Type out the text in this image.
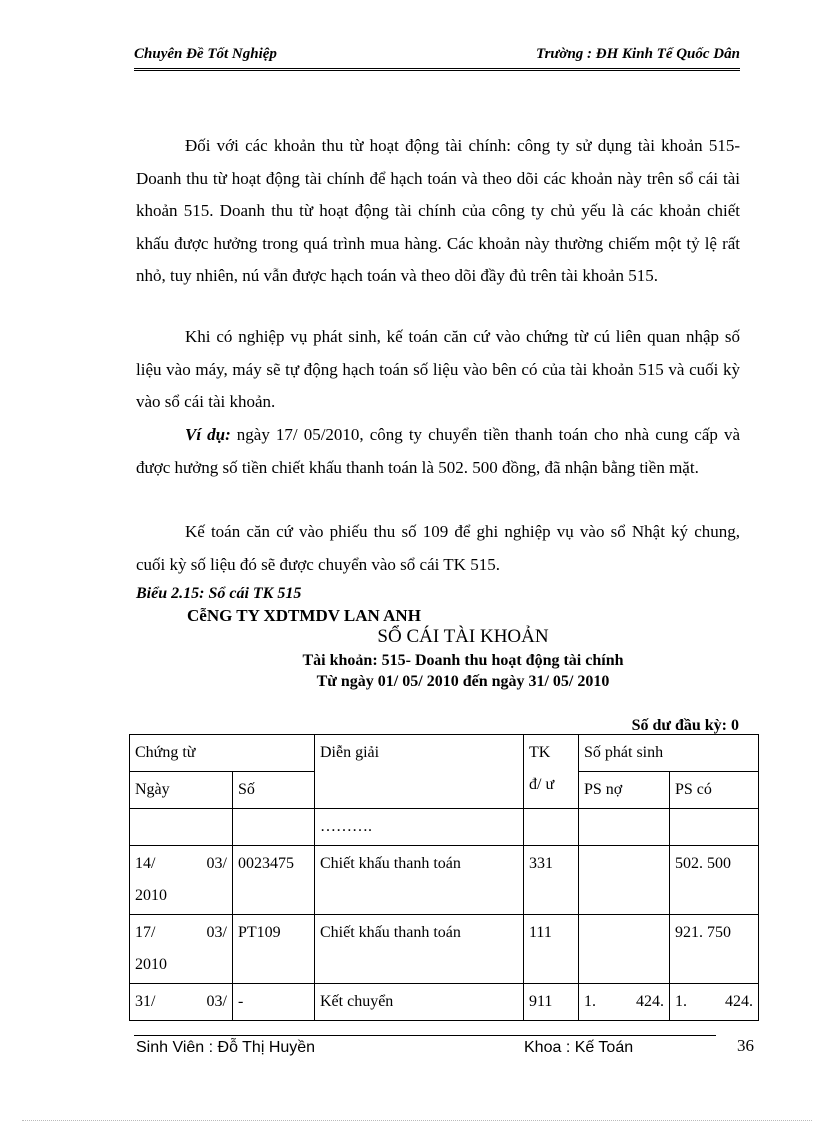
Chuyên Đề Tốt Nghiệp	Trường : ĐH Kinh Tế Quốc Dân

Đối với các khoản thu từ hoạt động tài chính: công ty sử dụng tài khoản 515- Doanh thu từ hoạt động tài chính để hạch toán và theo dõi các khoản này trên sổ cái tài khoản 515. Doanh thu từ hoạt động tài chính của công ty chủ yếu là các khoản chiết khấu được hưởng trong quá trình mua hàng. Các khoản này thường chiếm một tỷ lệ rất nhỏ, tuy nhiên, nú vẫn được hạch toán và theo dõi đầy đủ trên tài khoản 515.

Khi có nghiệp vụ phát sinh, kế toán căn cứ vào chứng từ cú liên quan nhập số liệu vào máy, máy sẽ tự động hạch toán số liệu vào bên có của tài khoản 515 và cuối kỳ vào sổ cái tài khoản.

Ví dụ: ngày 17/ 05/2010, công ty chuyển tiền thanh toán cho nhà cung cấp và được hưởng số tiền chiết khấu thanh toán là 502. 500 đồng, đã nhận bằng tiền mặt.

Kế toán căn cứ vào phiếu thu số 109 để ghi nghiệp vụ vào sổ Nhật ký chung, cuối kỳ số liệu đó sẽ được chuyển vào sổ cái TK 515.

Biểu 2.15: Sổ cái TK 515
CễNG TY XDTMDV LAN ANH
SỔ CÁI TÀI KHOẢN
Tài khoản: 515- Doanh thu hoạt động tài chính
Từ ngày 01/ 05/ 2010 đến ngày 31/ 05/ 2010
Số dư đầu kỳ: 0
Chứng từ		Diễn giải	TK
đ/ ư	Số phát sinh	
Ngày	Số			PS nợ	PS có
		……….			

14/ 03/
2010	0023475	Chiết khấu thanh toán	331		502. 500

17/ 03/
2010	PT109	Chiết khấu thanh toán	111		921. 750

31/ 03/	-	Kết chuyển	911	1. 424.	1. 424.
Sinh Viên : Đỗ Thị Huyền	Khoa : Kế Toán	36
